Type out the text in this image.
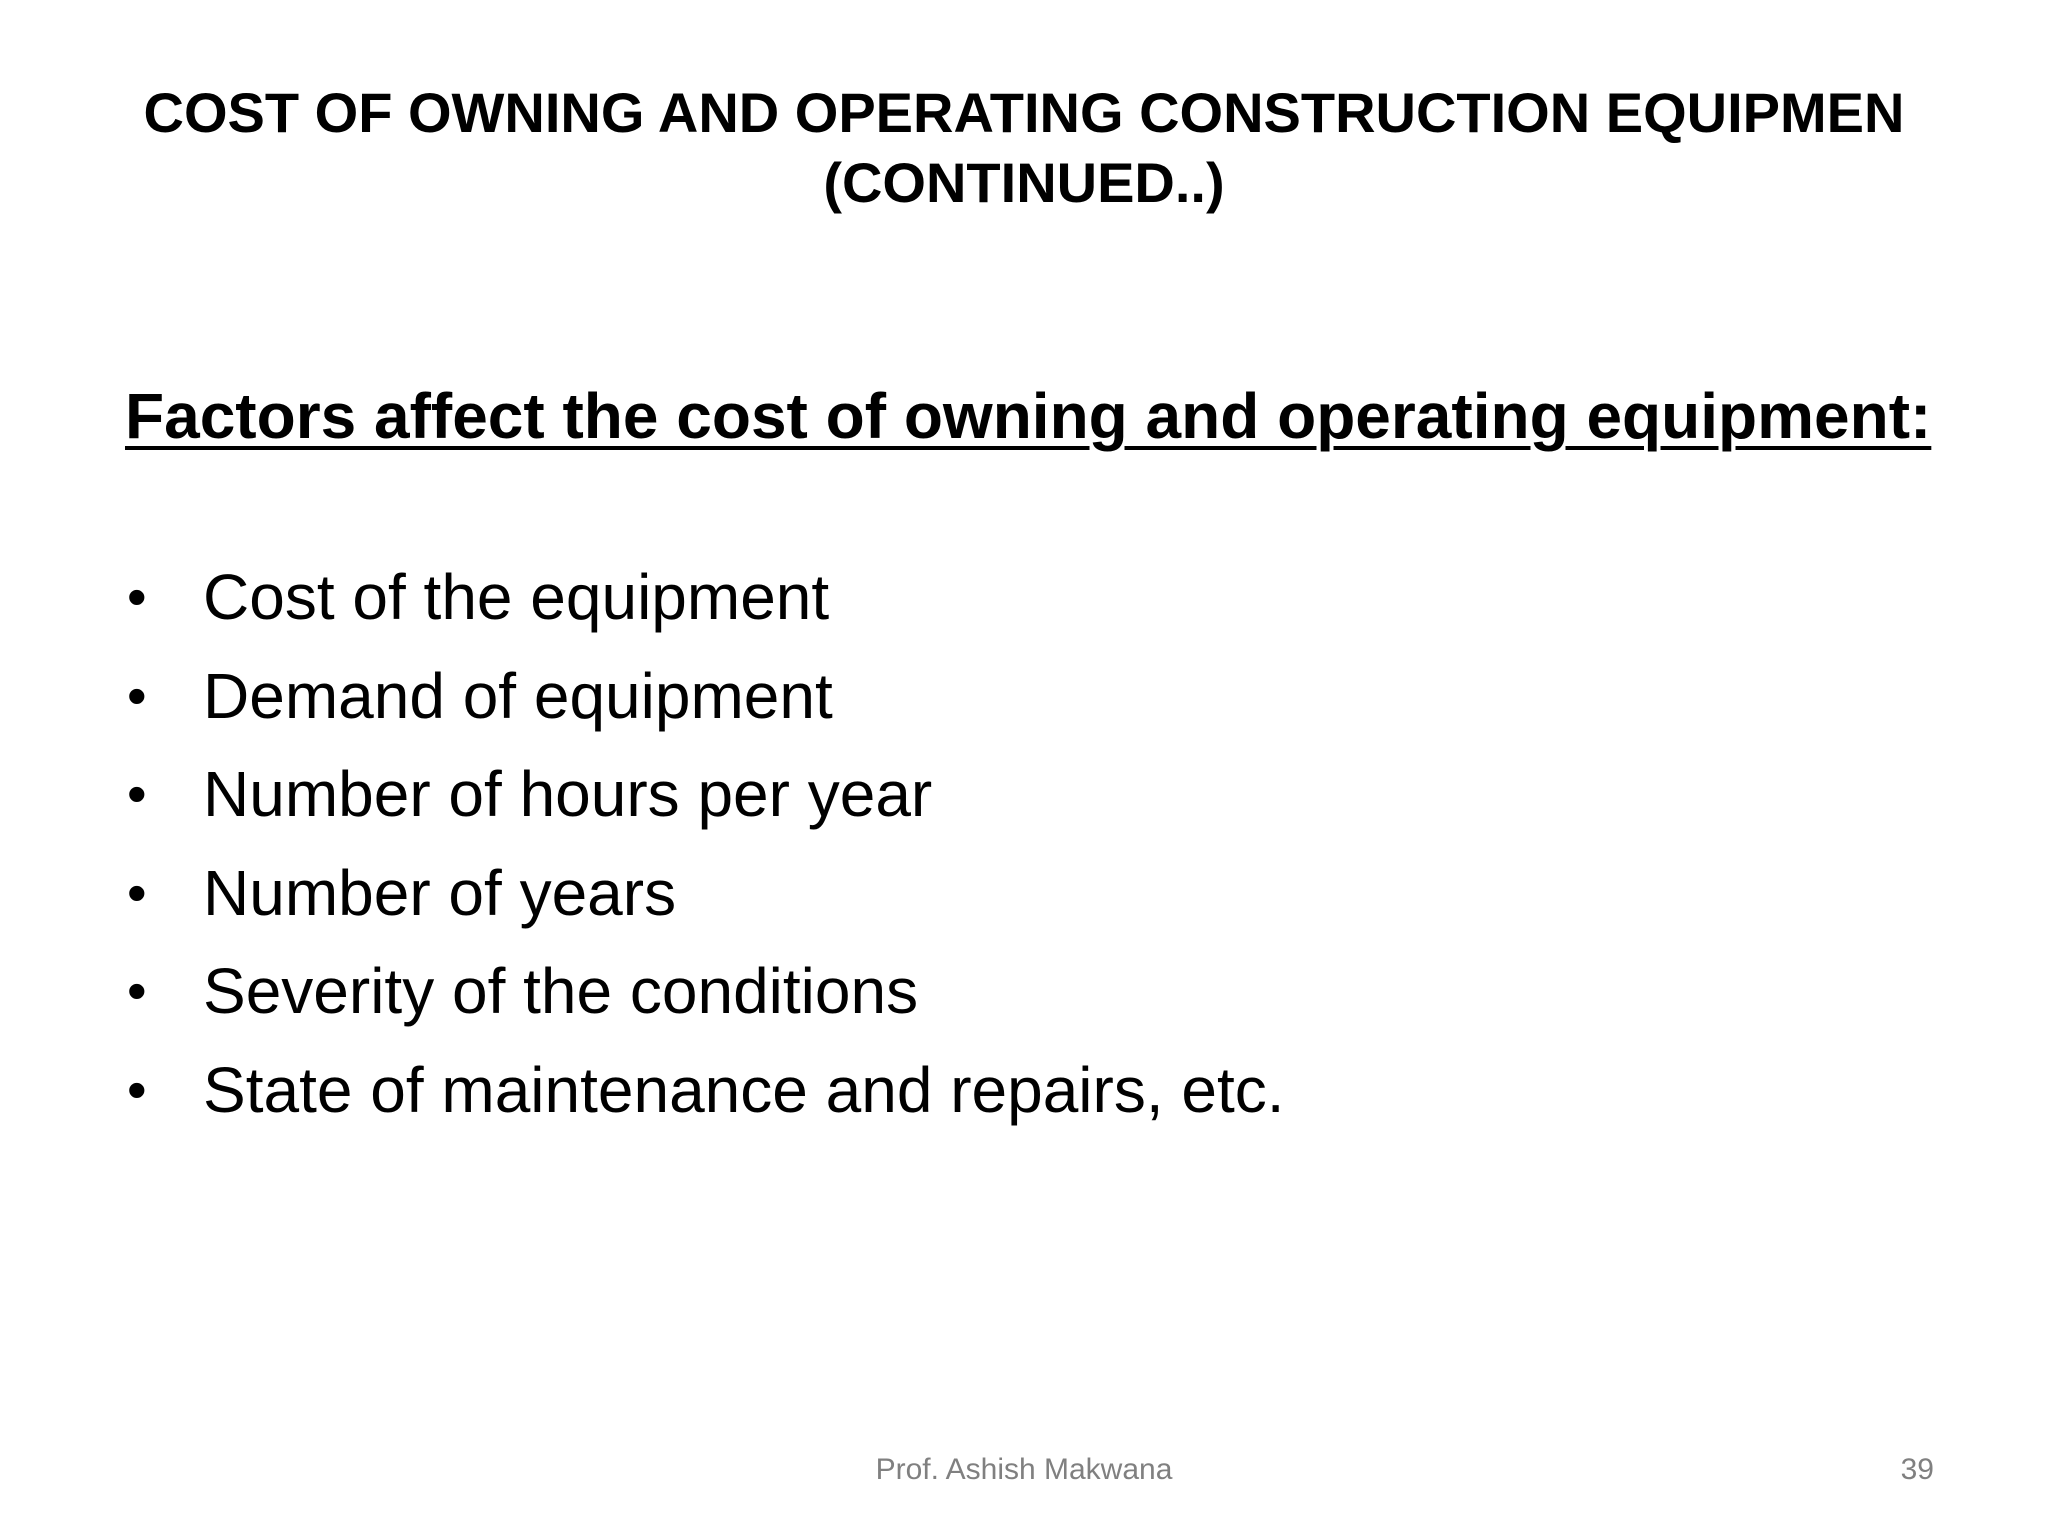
COST OF OWNING AND OPERATING CONSTRUCTION EQUIPMEN
(CONTINUED..)
Factors affect the cost of owning and operating equipment:
• Cost of the equipment
• Demand of equipment
• Number of hours per year
• Number of years
• Severity of the conditions
• State of maintenance and repairs, etc.
Prof. Ashish Makwana	39
